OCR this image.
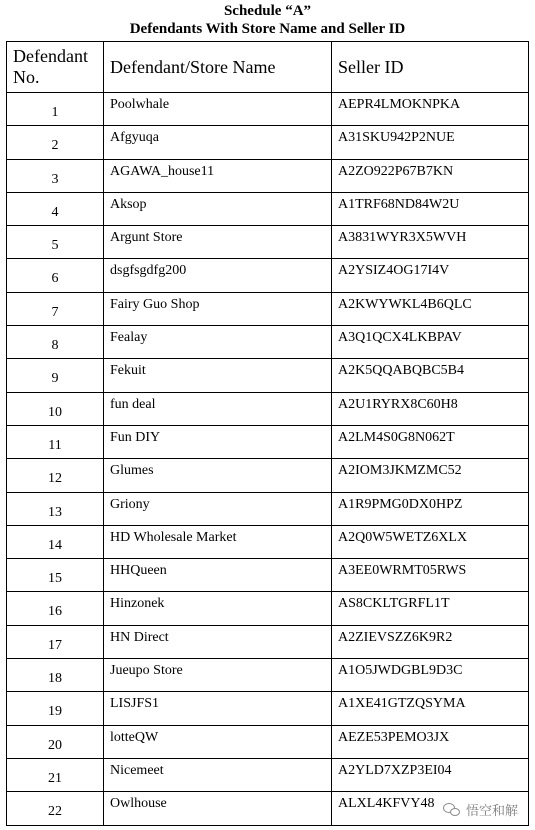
Schedule “A”
Defendants With Store Name and Seller ID
Defendant
No.	Defendant/Store Name	Seller ID
1	Poolwhale	AEPR4LMOKNPKA
2	Afgyuqa	A31SKU942P2NUE
3	AGAWA_house11	A2ZO922P67B7KN
4	Aksop	A1TRF68ND84W2U
5	Argunt Store	A3831WYR3X5WVH
6	dsgfsgdfg200	A2YSIZ4OG17I4V
7	Fairy Guo Shop	A2KWYWKL4B6QLC
8	Fealay	A3Q1QCX4LKBPAV
9	Fekuit	A2K5QQABQBC5B4
10	fun deal	A2U1RYRX8C60H8
11	Fun DIY	A2LM4S0G8N062T
12	Glumes	A2IOM3JKMZMC52
13	Griony	A1R9PMG0DX0HPZ
14	HD Wholesale Market	A2Q0W5WETZ6XLX
15	HHQueen	A3EE0WRMT05RWS
16	Hinzonek	AS8CKLTGRFL1T
17	HN Direct	A2ZIEVSZZ6K9R2
18	Jueupo Store	A1O5JWDGBL9D3C
19	LISJFS1	A1XE41GTZQSYMA
20	lotteQW	AEZE53PEMO3JX
21	Nicemeet	A2YLD7XZP3EI04
22	Owlhouse	ALXL4KFVY48
悟空和解
